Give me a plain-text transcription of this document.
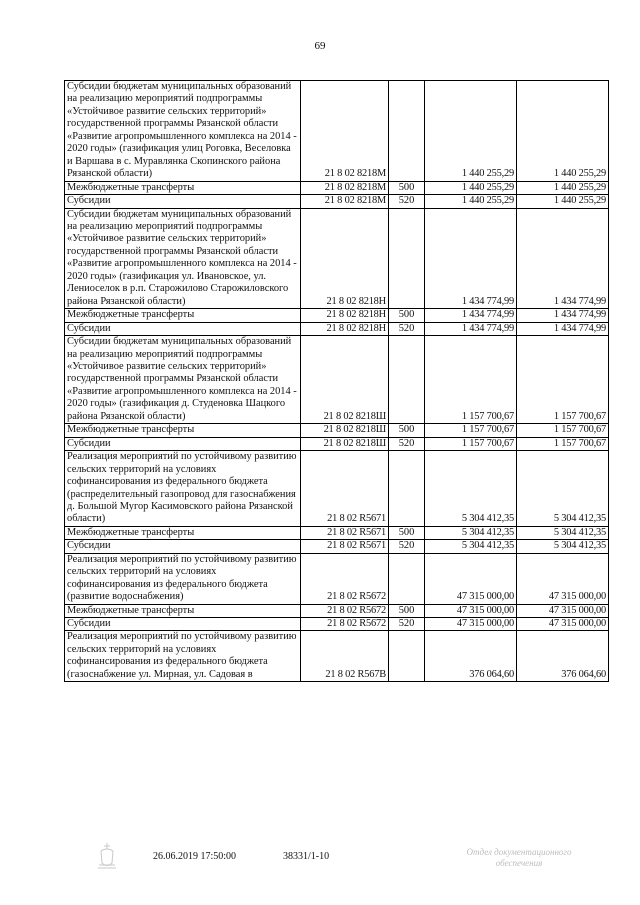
69
Субсидии бюджетам муниципальных образований на реализацию мероприятий подпрограммы «Устойчивое развитие сельских территорий» государственной программы Рязанской области «Развитие агропромышленного комплекса на 2014 - 2020 годы» (газификация улиц Роговка, Веселовка и Варшава в с. Муравлянка Скопинского района Рязанской области)	21 8 02 8218M		1 440 255,29	1 440 255,29
Межбюджетные трансферты	21 8 02 8218M	500	1 440 255,29	1 440 255,29
Субсидии	21 8 02 8218M	520	1 440 255,29	1 440 255,29
Субсидии бюджетам муниципальных образований на реализацию мероприятий подпрограммы «Устойчивое развитие сельских территорий» государственной программы Рязанской области «Развитие агропромышленного комплекса на 2014 - 2020 годы» (газификация ул. Ивановское, ул. Лениоселок в р.п. Старожилово Старожиловского района Рязанской области)	21 8 02 8218H		1 434 774,99	1 434 774,99
Межбюджетные трансферты	21 8 02 8218H	500	1 434 774,99	1 434 774,99
Субсидии	21 8 02 8218H	520	1 434 774,99	1 434 774,99
Субсидии бюджетам муниципальных образований на реализацию мероприятий подпрограммы «Устойчивое развитие сельских территорий» государственной программы Рязанской области «Развитие агропромышленного комплекса на 2014 - 2020 годы» (газификация д. Студеновка Шацкого района Рязанской области)	21 8 02 8218Ш		1 157 700,67	1 157 700,67
Межбюджетные трансферты	21 8 02 8218Ш	500	1 157 700,67	1 157 700,67
Субсидии	21 8 02 8218Ш	520	1 157 700,67	1 157 700,67
Реализация мероприятий по устойчивому развитию сельских территорий на условиях софинансирования из федерального бюджета (распределительный газопровод для газоснабжения д. Большой Мугор Касимовского района Рязанской области)	21 8 02 R5671		5 304 412,35	5 304 412,35
Межбюджетные трансферты	21 8 02 R5671	500	5 304 412,35	5 304 412,35
Субсидии	21 8 02 R5671	520	5 304 412,35	5 304 412,35
Реализация мероприятий по устойчивому развитию сельских территорий на условиях софинансирования из федерального бюджета (развитие водоснабжения)	21 8 02 R5672		47 315 000,00	47 315 000,00
Межбюджетные трансферты	21 8 02 R5672	500	47 315 000,00	47 315 000,00
Субсидии	21 8 02 R5672	520	47 315 000,00	47 315 000,00
Реализация мероприятий по устойчивому развитию сельских территорий на условиях софинансирования из федерального бюджета (газоснабжение ул. Мирная, ул. Садовая в	21 8 02 R567B		376 064,60	376 064,60
26.06.2019 17:50:00	38331/1-10	Отдел документационного обеспечения
